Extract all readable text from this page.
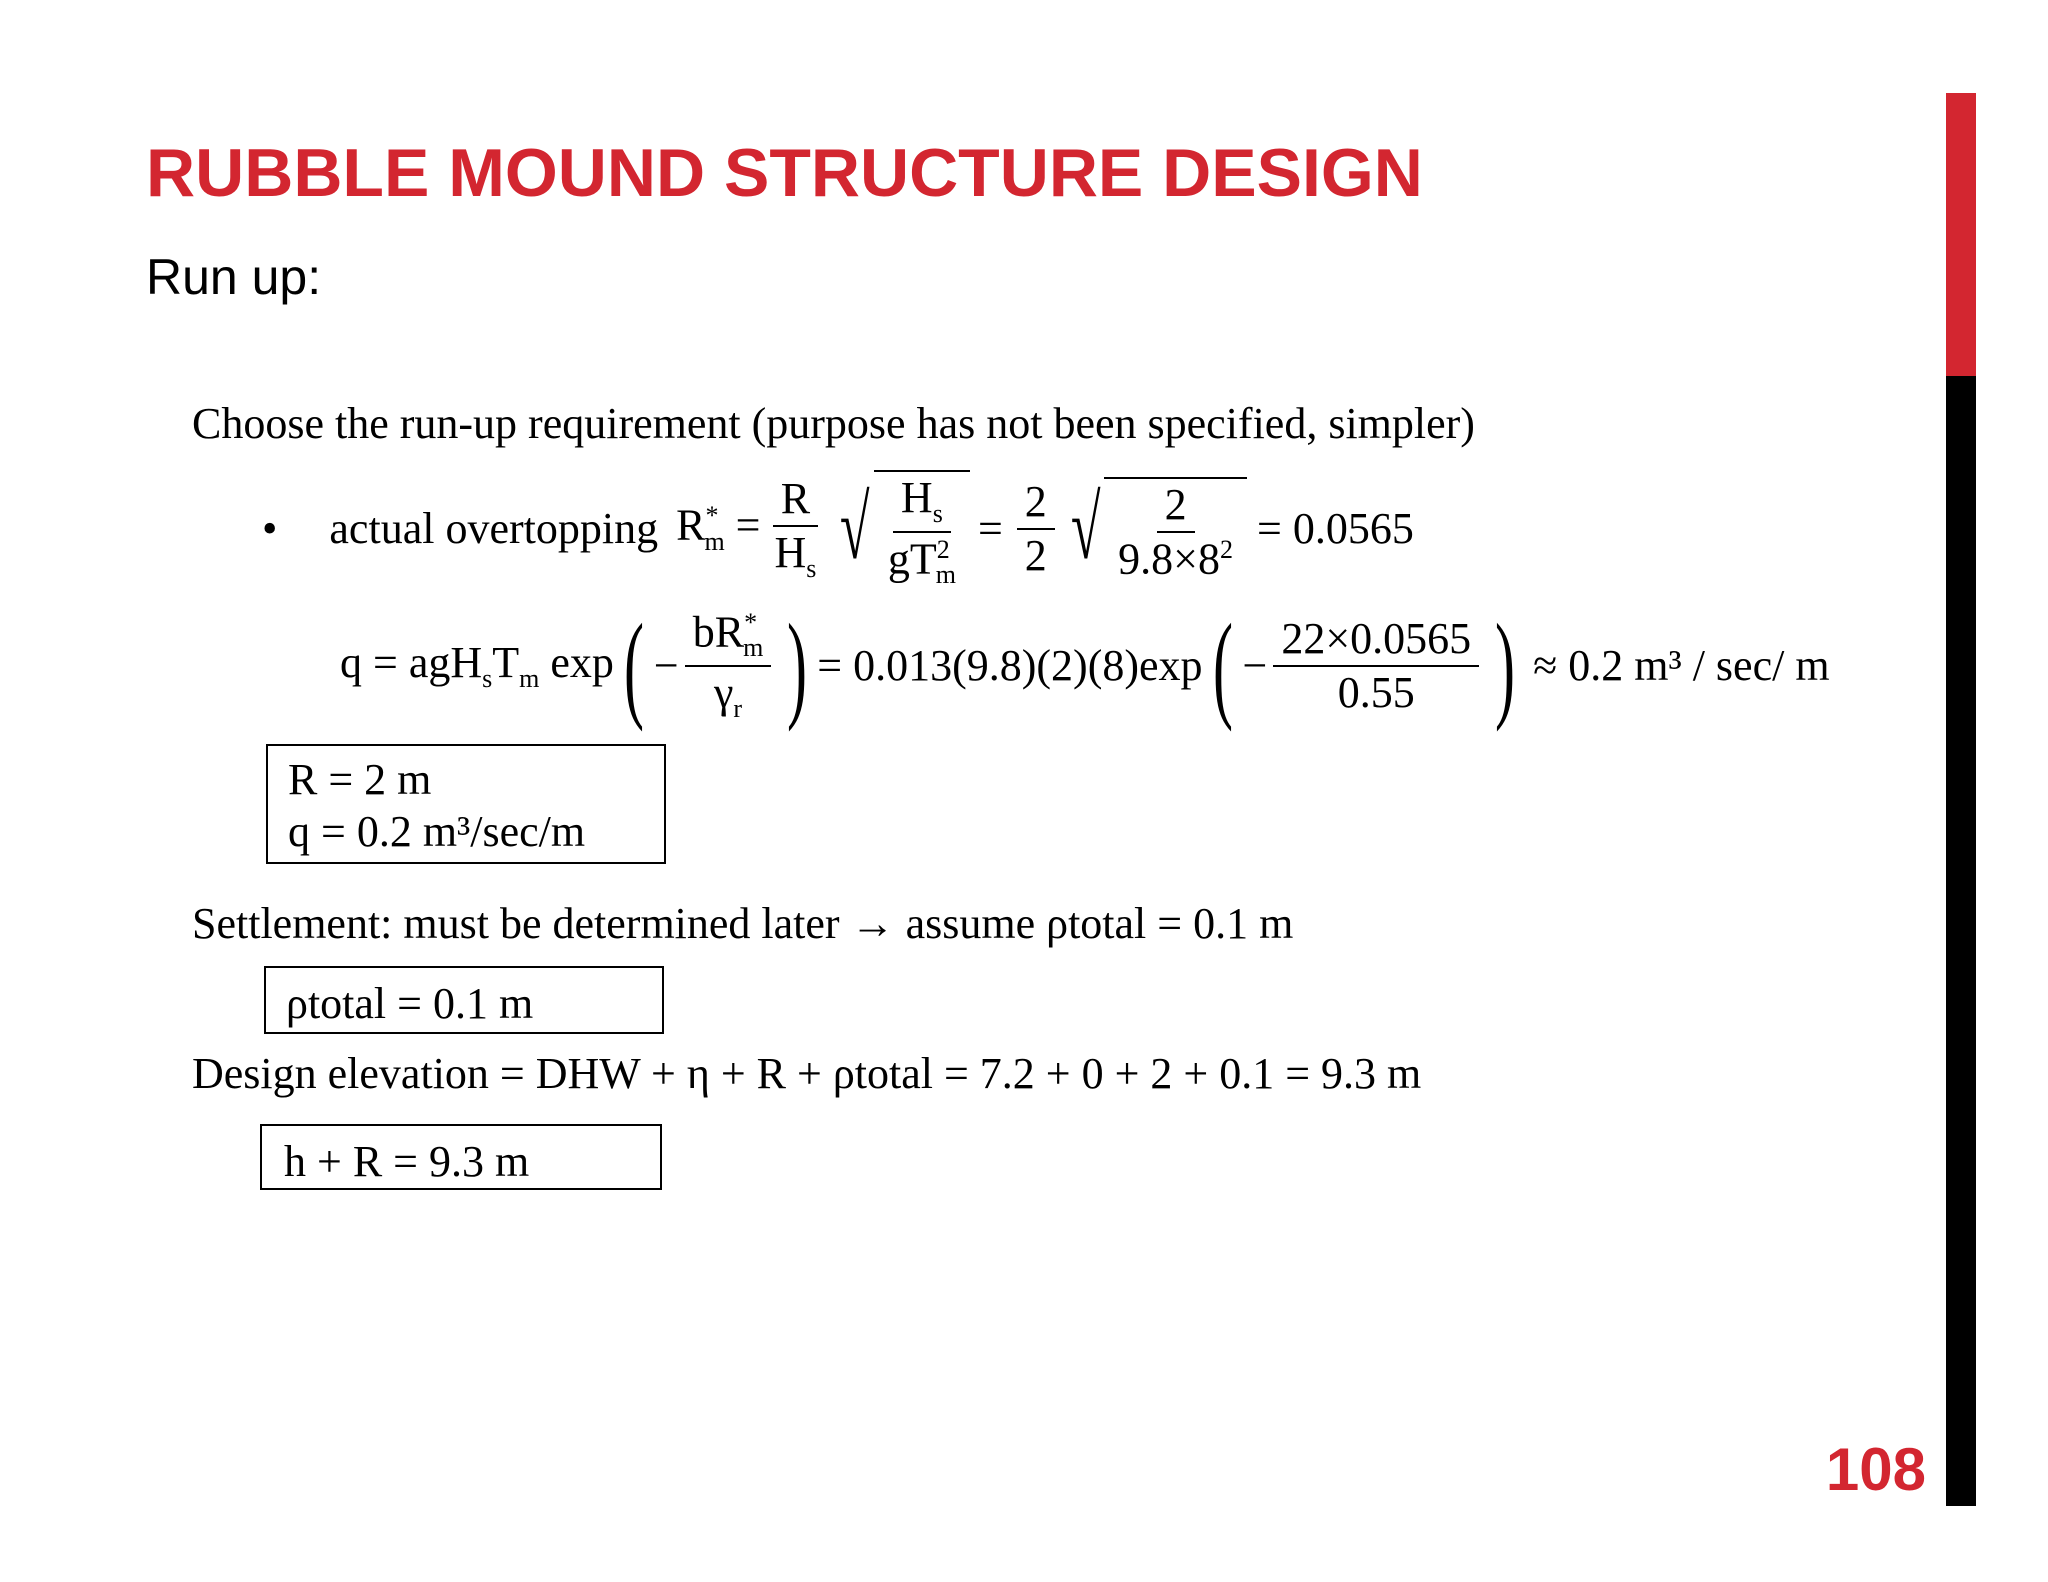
RUBBLE MOUND STRUCTURE DESIGN
Run up:
Choose the run-up requirement (purpose has not been specified, simpler)
• actual overtopping $R^*_m = \frac{R}{H_s}$ √ $\frac{H_s}{gT^2_m} = \frac{2}{2}$ √ $\frac{2}{9.8\times 8^2} = 0.0565$
$q = agH_sT_m$ exp ( − $\frac{bR^*_m}{\gamma_r}$ ) = 0.013(9.8)(2)(8)exp ( − $\frac{22\times 0.0565}{0.55}$ ) ≈ 0.2 m³ / sec/ m
R = 2 m
q = 0.2 m³/sec/m
Settlement: must be determined later → assume ρtotal = 0.1 m
ρtotal = 0.1 m
Design elevation = DHW + η + R + ρtotal = 7.2 + 0 + 2 + 0.1 = 9.3 m
h + R = 9.3 m
108
